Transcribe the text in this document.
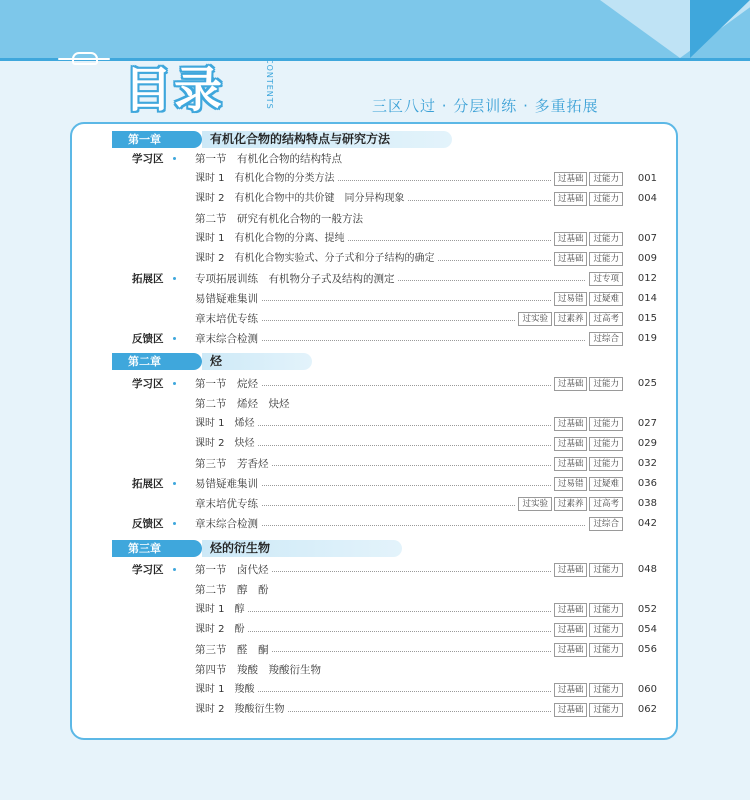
目录	CONTENTS	三区八过 · 分层训练 · 多重拓展
第一章	有机化合物的结构特点与研究方法
学习区	第一节　有机化合物的结构特点
课时 1　有机化合物的分类方法	过基础	过能力	001
课时 2　有机化合物中的共价键　同分异构现象	过基础	过能力	004
第二节　研究有机化合物的一般方法
课时 1　有机化合物的分离、提纯	过基础	过能力	007
课时 2　有机化合物实验式、分子式和分子结构的确定	过基础	过能力	009
拓展区	专项拓展训练　有机物分子式及结构的测定	过专项	012
易错疑难集训	过易错	过疑难	014
章末培优专练	过实验	过素养	过高考	015
反馈区	章末综合检测	过综合	019
第二章	烃
学习区	第一节　烷烃	过基础	过能力	025
第二节　烯烃　炔烃
课时 1　烯烃	过基础	过能力	027
课时 2　炔烃	过基础	过能力	029
第三节　芳香烃	过基础	过能力	032
拓展区	易错疑难集训	过易错	过疑难	036
章末培优专练	过实验	过素养	过高考	038
反馈区	章末综合检测	过综合	042
第三章	烃的衍生物
学习区	第一节　卤代烃	过基础	过能力	048
第二节　醇　酚
课时 1　醇	过基础	过能力	052
课时 2　酚	过基础	过能力	054
第三节　醛　酮	过基础	过能力	056
第四节　羧酸　羧酸衍生物
课时 1　羧酸	过基础	过能力	060
课时 2　羧酸衍生物	过基础	过能力	062
